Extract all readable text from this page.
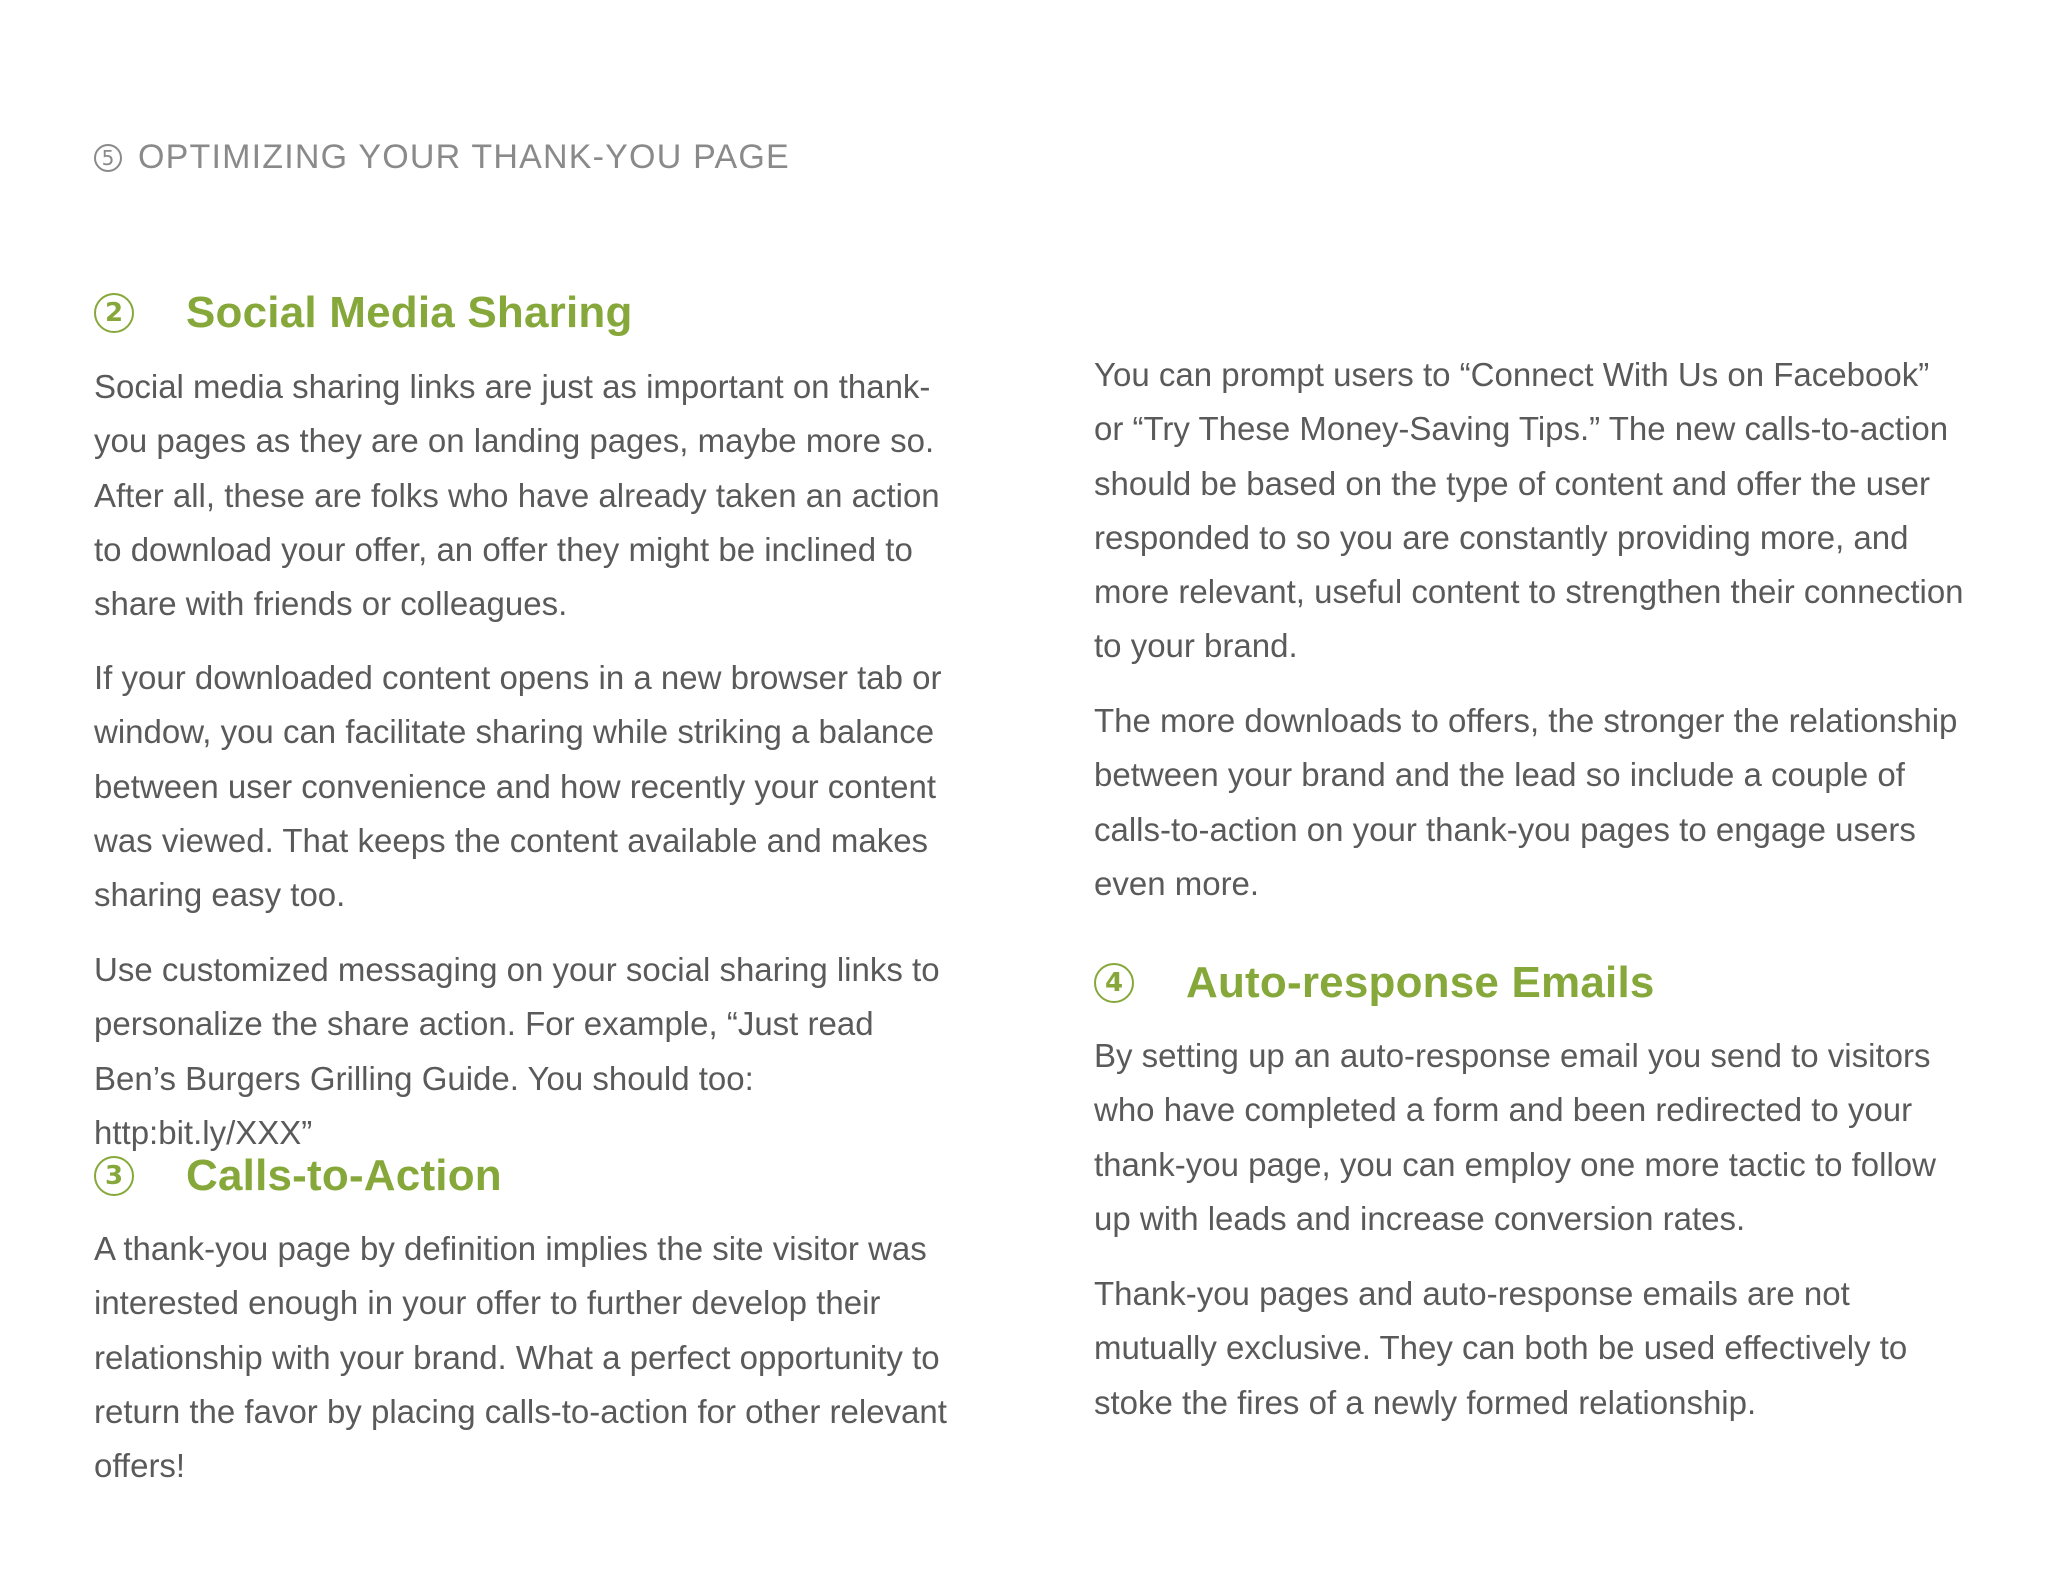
5 OPTIMIZING YOUR THANK-YOU PAGE
2 Social Media Sharing

Social media sharing links are just as important on thank-you pages as they are on landing pages, maybe more so. After all, these are folks who have already taken an action to download your offer, an offer they might be inclined to share with friends or colleagues.

If your downloaded content opens in a new browser tab or window, you can facilitate sharing while striking a balance between user convenience and how recently your content was viewed. That keeps the content available and makes sharing easy too.

Use customized messaging on your social sharing links to personalize the share action. For example, “Just read Ben’s Burgers Grilling Guide. You should too: http:bit.ly/XXX”

3 Calls-to-Action

A thank-you page by definition implies the site visitor was interested enough in your offer to further develop their relationship with your brand. What a perfect opportunity to return the favor by placing calls-to-action for other relevant offers!

You can prompt users to “Connect With Us on Facebook” or “Try These Money-Saving Tips.” The new calls-to-action should be based on the type of content and offer the user responded to so you are constantly providing more, and more relevant, useful content to strengthen their connection to your brand.

The more downloads to offers, the stronger the relationship between your brand and the lead so include a couple of calls-to-action on your thank-you pages to engage users even more.

4 Auto-response Emails

By setting up an auto-response email you send to visitors who have completed a form and been redirected to your thank-you page, you can employ one more tactic to follow up with leads and increase conversion rates.

Thank-you pages and auto-response emails are not mutually exclusive. They can both be used effectively to stoke the fires of a newly formed relationship.
